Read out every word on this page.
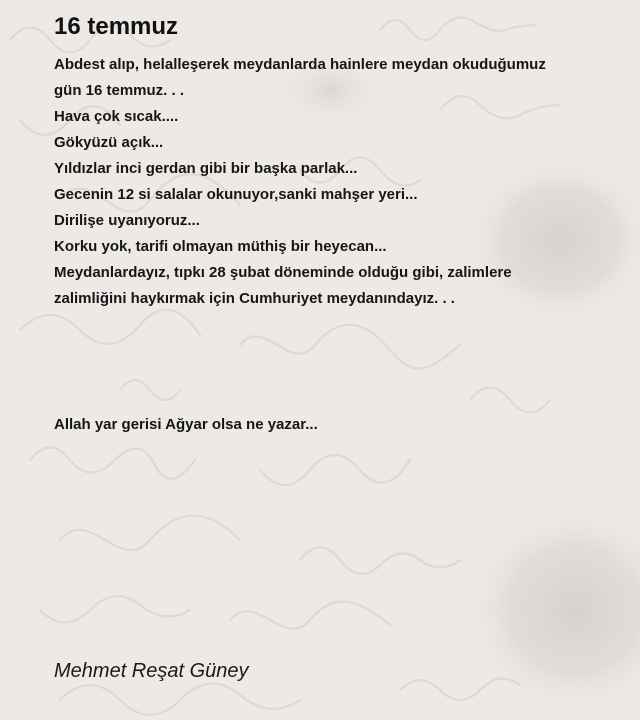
16 temmuz
Abdest alıp, helalleşerek meydanlarda hainlere meydan okuduğumuz
gün 16 temmuz. . .
Hava çok sıcak....
Gökyüzü açık...
Yıldızlar inci gerdan gibi bir başka parlak...
Gecenin 12 si salalar okunuyor,sanki mahşer yeri...
Dirilişe uyanıyoruz...
Korku yok, tarifi olmayan müthiş bir heyecan...
Meydanlardayız, tıpkı 28 şubat döneminde olduğu gibi, zalimlere
zalimliğini haykırmak için Cumhuriyet meydanındayız. . .
Allah yar gerisi Ağyar olsa ne yazar...
Mehmet Reşat Güney
